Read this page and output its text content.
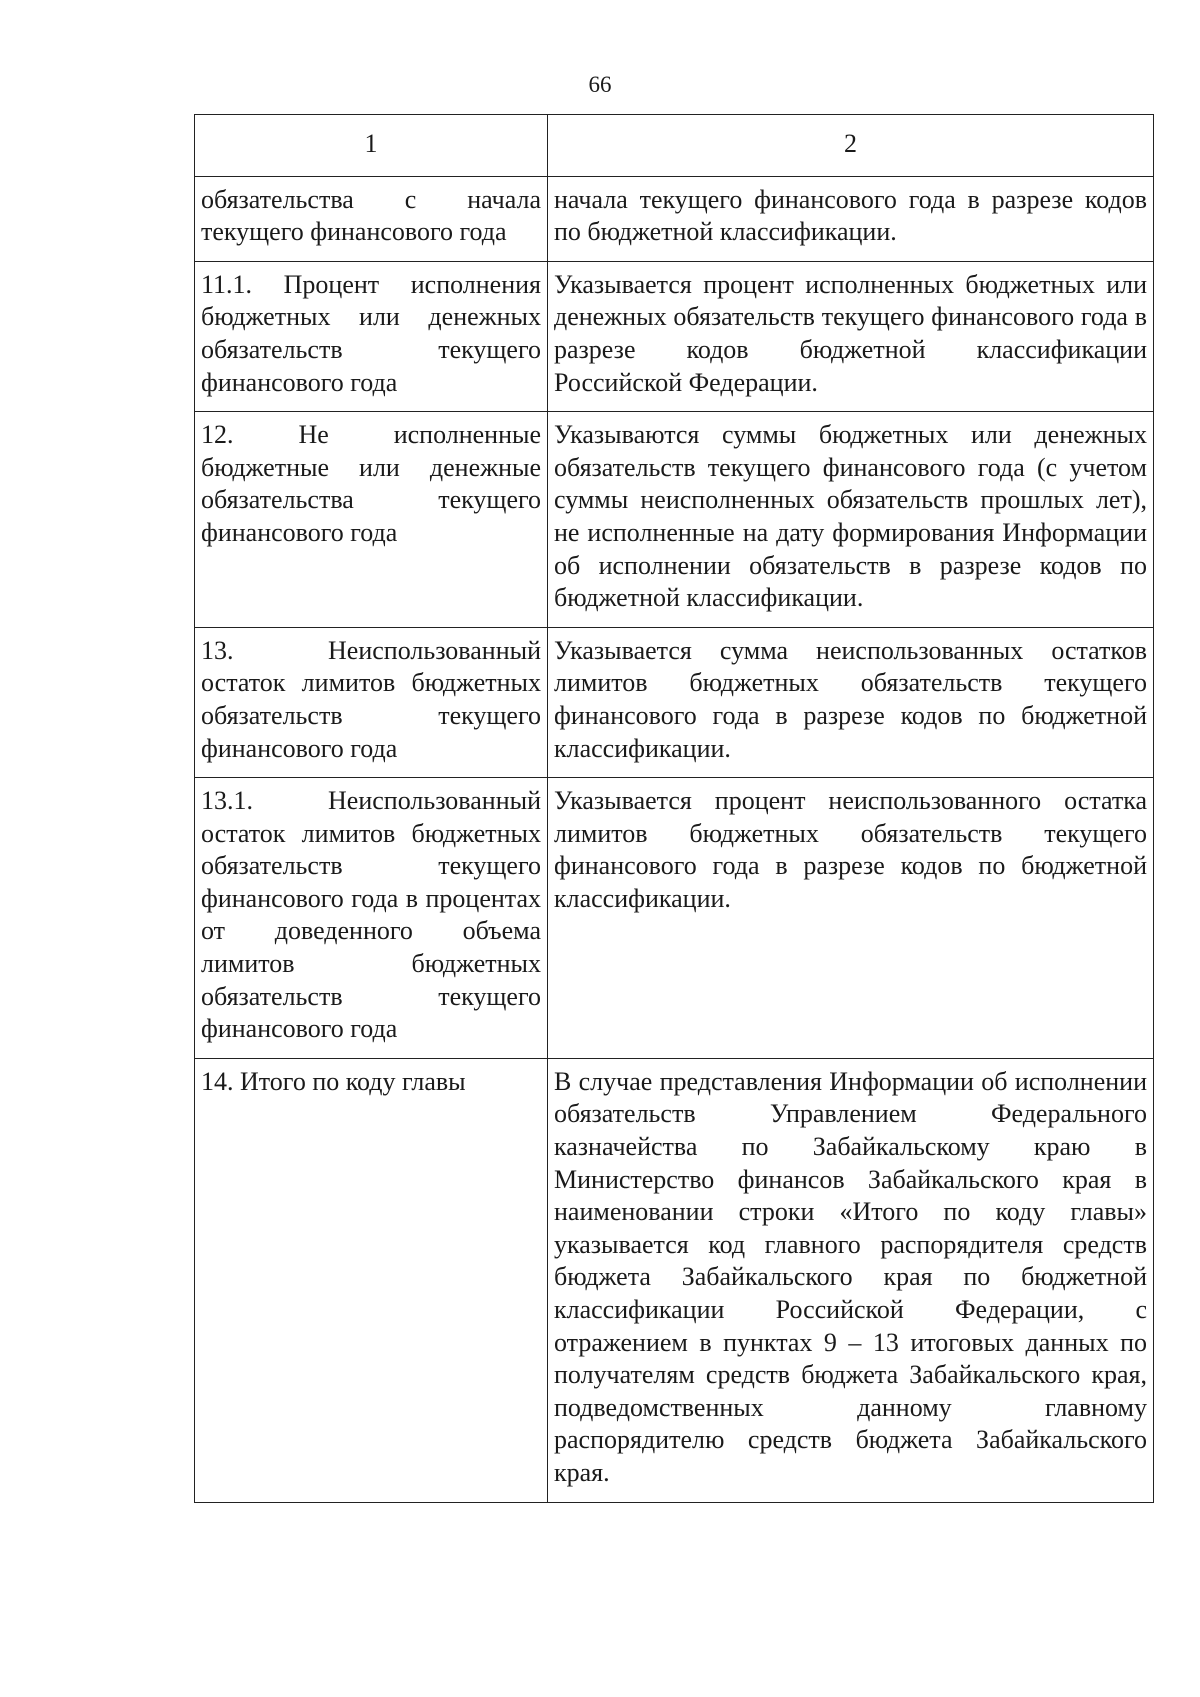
66
1	2
обязательства с начала текущего финансового года	начала текущего финансового года в разрезе кодов по бюджетной классификации.
11.1. Процент исполнения бюджетных или денежных обязательств текущего финансового года	Указывается процент исполненных бюджетных или денежных обязательств текущего финансового года в разрезе кодов бюджетной классификации Российской Федерации.
12. Не исполненные бюджетные или денежные обязательства текущего финансового года	Указываются суммы бюджетных или денежных обязательств текущего финансового года (с учетом суммы неисполненных обязательств прошлых лет), не исполненные на дату формирования Информации об исполнении обязательств в разрезе кодов по бюджетной классификации.
13. Неиспользованный остаток лимитов бюджетных обязательств текущего финансового года	Указывается сумма неиспользованных остатков лимитов бюджетных обязательств текущего финансового года в разрезе кодов по бюджетной классификации.
13.1. Неиспользованный остаток лимитов бюджетных обязательств текущего финансового года в процентах от доведенного объема лимитов бюджетных обязательств текущего финансового года	Указывается процент неиспользованного остатка лимитов бюджетных обязательств текущего финансового года в разрезе кодов по бюджетной классификации.
14. Итого по коду главы	В случае представления Информации об исполнении обязательств Управлением Федерального казначейства по Забайкальскому краю в Министерство финансов Забайкальского края в наименовании строки «Итого по коду главы» указывается код главного распорядителя средств бюджета Забайкальского края по бюджетной классификации Российской Федерации, с отражением в пунктах 9 – 13 итоговых данных по получателям средств бюджета Забайкальского края, подведомственных данному главному распорядителю средств бюджета Забайкальского края.
